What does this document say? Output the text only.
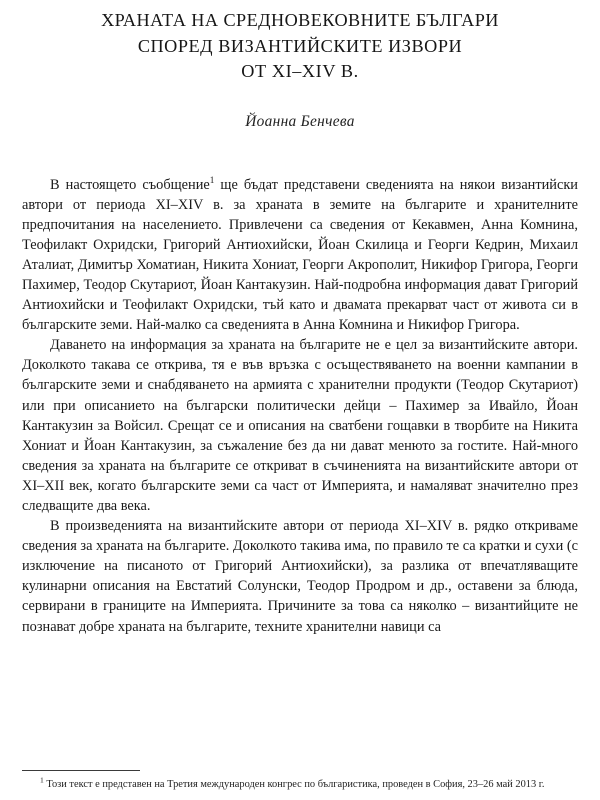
ХРАНАТА НА СРЕДНОВЕКОВНИТЕ БЪЛГАРИ
СПОРЕД ВИЗАНТИЙСКИТЕ ИЗВОРИ
ОТ XI–XIV В.
Йоанна Бенчева

В настоящето съобщение$^1$ ще бъдат представени сведенията на някои византийски автори от периода XI–XIV в. за храната в земите на българите и хранителните предпочитания на населението. Привлечени са сведения от Кекавмен, Анна Комнина, Теофилакт Охридски, Григорий Антиохийски, Йоан Скилица и Георги Кедрин, Михаил Аталиат, Димитър Хоматиан, Никита Хониат, Георги Акрополит, Никифор Григора, Георги Пахимер, Теодор Скутариот, Йоан Кантакузин. Най-подробна информация дават Григорий Антиохийски и Теофилакт Охридски, тъй като и двамата прекарват част от живота си в българските земи. Най-малко са сведенията в Анна Комнина и Никифор Григора.

Даването на информация за храната на българите не е цел за византийските автори. Доколкото такава се открива, тя е във връзка с осъществяването на военни кампании в българските земи и снабдяването на армията с хранителни продукти (Теодор Скутариот) или при описанието на български политически дейци – Пахимер за Ивайло, Йоан Кантакузин за Войсил. Срещат се и описания на сватбени гощавки в творбите на Никита Хониат и Йоан Кантакузин, за съжаление без да ни дават менюто за гостите. Най-много сведения за храната на българите се откриват в съчиненията на византийските автори от XI–XII век, когато българските земи са част от Империята, и намаляват значително през следващите два века.

В произведенията на византийските автори от периода XI–XIV в. рядко откриваме сведения за храната на българите. Доколкото такива има, по правило те са кратки и сухи (с изключение на писаното от Григорий Антиохийски), за разлика от впечатляващите кулинарни описания на Евстатий Солунски, Теодор Продром и др., оставени за блюда, сервирани в границите на Империята. Причините за това са няколко – византийците не познават добре храната на българите, техните хранителни навици са

$^1$ Този текст е представен на Третия международен конгрес по българистика, проведен в София, 23–26 май 2013 г.
